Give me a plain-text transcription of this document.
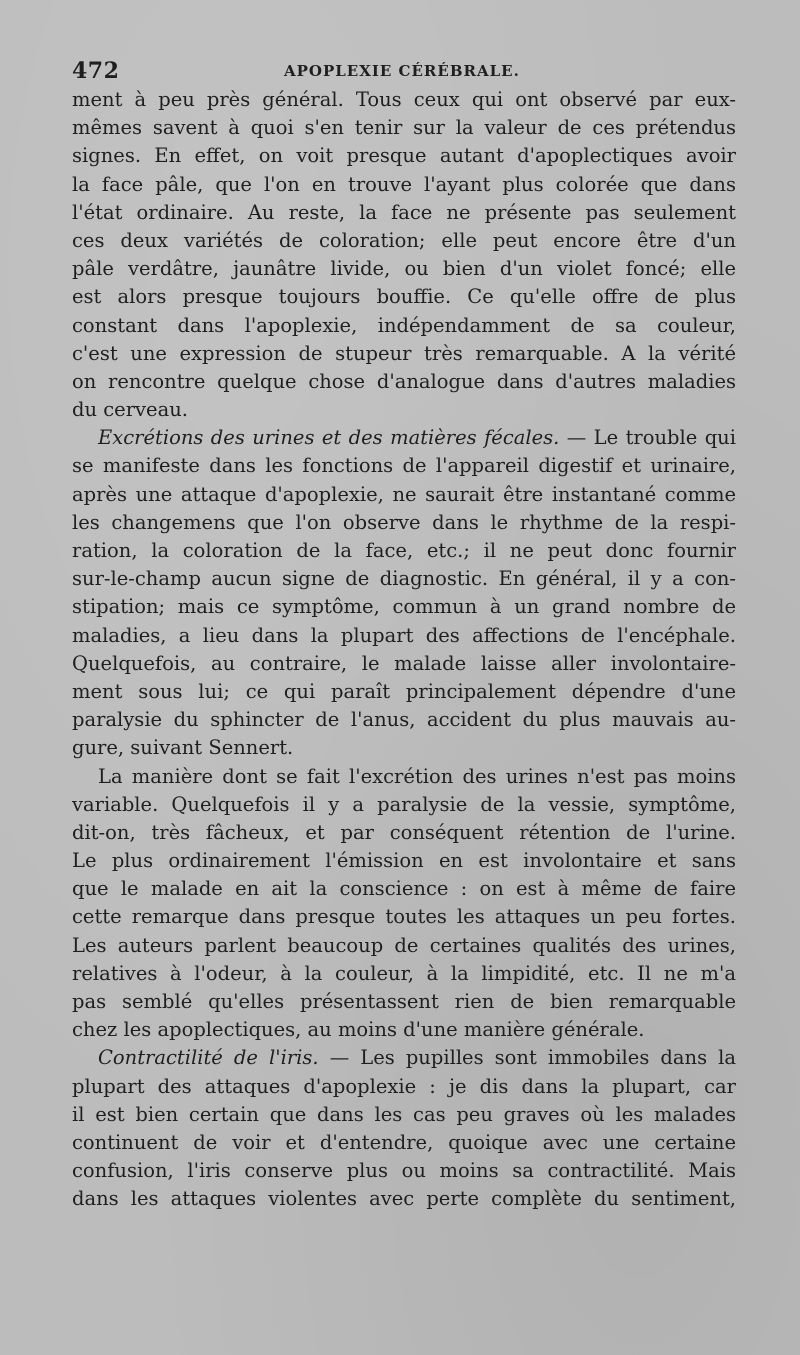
472	APOPLEXIE CÉRÉBRALE.
ment à peu près général. Tous ceux qui ont observé par eux-
mêmes savent à quoi s'en tenir sur la valeur de ces prétendus
signes. En effet, on voit presque autant d'apoplectiques avoir
la face pâle, que l'on en trouve l'ayant plus colorée que dans
l'état ordinaire. Au reste, la face ne présente pas seulement
ces deux variétés de coloration; elle peut encore être d'un
pâle verdâtre, jaunâtre livide, ou bien d'un violet foncé; elle
est alors presque toujours bouffie. Ce qu'elle offre de plus
constant dans l'apoplexie, indépendamment de sa couleur,
c'est une expression de stupeur très remarquable. A la vérité
on rencontre quelque chose d'analogue dans d'autres maladies
du cerveau.
Excrétions des urines et des matières fécales. — Le trouble qui
se manifeste dans les fonctions de l'appareil digestif et urinaire,
après une attaque d'apoplexie, ne saurait être instantané comme
les changemens que l'on observe dans le rhythme de la respi-
ration, la coloration de la face, etc.; il ne peut donc fournir
sur-le-champ aucun signe de diagnostic. En général, il y a con-
stipation; mais ce symptôme, commun à un grand nombre de
maladies, a lieu dans la plupart des affections de l'encéphale.
Quelquefois, au contraire, le malade laisse aller involontaire-
ment sous lui; ce qui paraît principalement dépendre d'une
paralysie du sphincter de l'anus, accident du plus mauvais au-
gure, suivant Sennert.
La manière dont se fait l'excrétion des urines n'est pas moins
variable. Quelquefois il y a paralysie de la vessie, symptôme,
dit-on, très fâcheux, et par conséquent rétention de l'urine.
Le plus ordinairement l'émission en est involontaire et sans
que le malade en ait la conscience : on est à même de faire
cette remarque dans presque toutes les attaques un peu fortes.
Les auteurs parlent beaucoup de certaines qualités des urines,
relatives à l'odeur, à la couleur, à la limpidité, etc. Il ne m'a
pas semblé qu'elles présentassent rien de bien remarquable
chez les apoplectiques, au moins d'une manière générale.
Contractilité de l'iris. — Les pupilles sont immobiles dans la
plupart des attaques d'apoplexie : je dis dans la plupart, car
il est bien certain que dans les cas peu graves où les malades
continuent de voir et d'entendre, quoique avec une certaine
confusion, l'iris conserve plus ou moins sa contractilité. Mais
dans les attaques violentes avec perte complète du sentiment,
